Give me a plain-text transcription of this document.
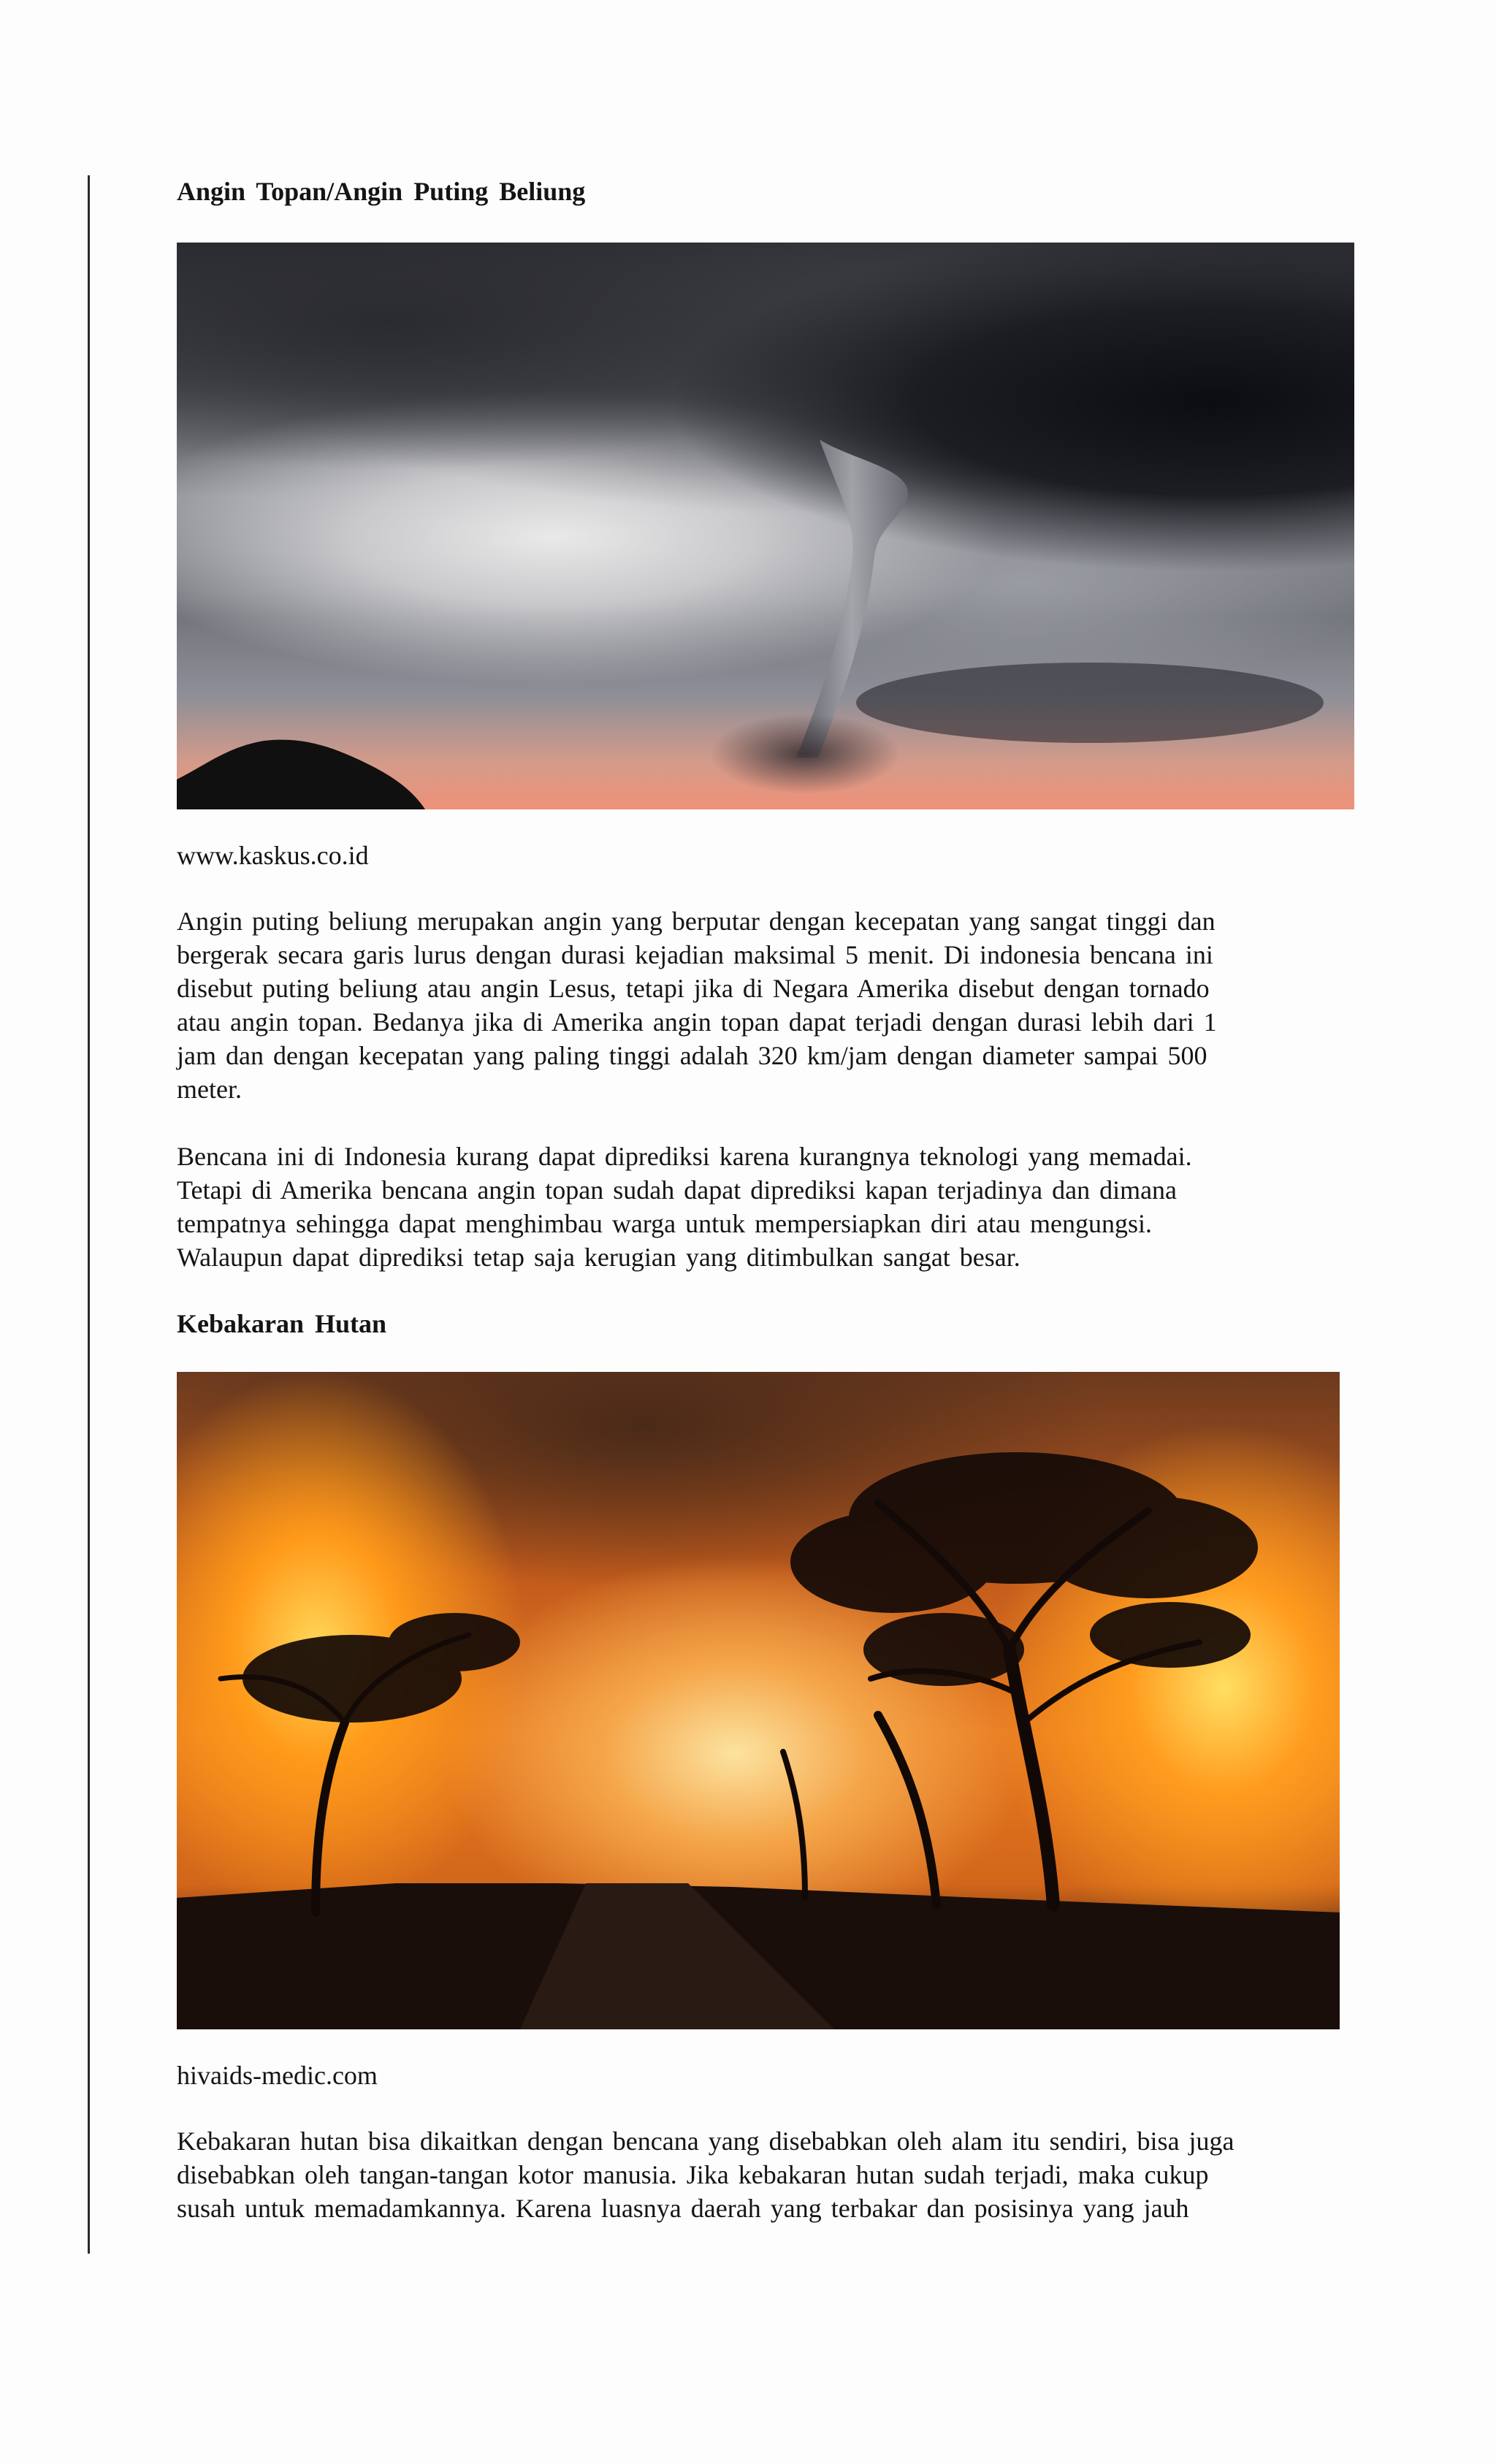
Angin Topan/Angin Puting Beliung

www.kaskus.co.id

Angin puting beliung merupakan angin yang berputar dengan kecepatan yang sangat tinggi dan
bergerak secara garis lurus dengan durasi kejadian maksimal 5 menit. Di indonesia bencana ini
disebut puting beliung atau angin Lesus, tetapi jika di Negara Amerika disebut dengan tornado
atau angin topan. Bedanya jika di Amerika angin topan dapat terjadi dengan durasi lebih dari 1
jam dan dengan kecepatan yang paling tinggi adalah 320 km/jam dengan diameter sampai 500
meter.

Bencana ini di Indonesia kurang dapat diprediksi karena kurangnya teknologi yang memadai.
Tetapi di Amerika bencana angin topan sudah dapat diprediksi kapan terjadinya dan dimana
tempatnya sehingga dapat menghimbau warga untuk mempersiapkan diri atau mengungsi.
Walaupun dapat diprediksi tetap saja kerugian yang ditimbulkan sangat besar.

Kebakaran Hutan

hivaids-medic.com

Kebakaran hutan bisa dikaitkan dengan bencana yang disebabkan oleh alam itu sendiri, bisa juga
disebabkan oleh tangan-tangan kotor manusia. Jika kebakaran hutan sudah terjadi, maka cukup
susah untuk memadamkannya. Karena luasnya daerah yang terbakar dan posisinya yang jauh
